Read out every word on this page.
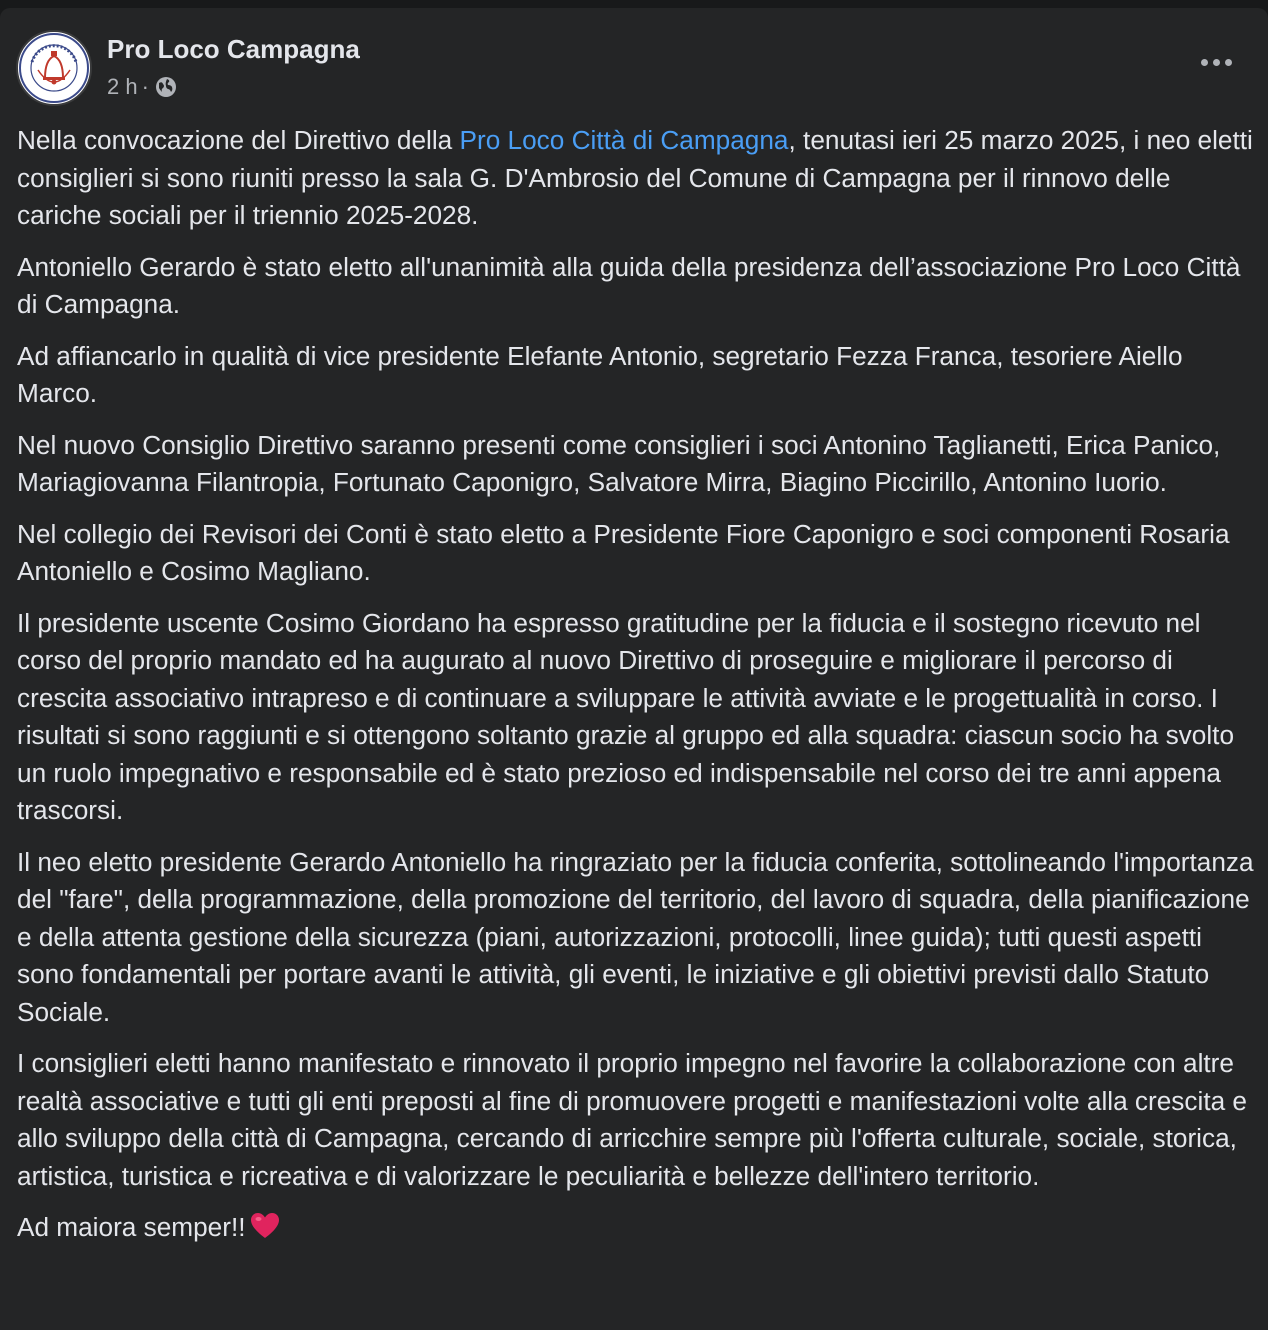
Pro Loco Campagna
2 h ·

Nella convocazione del Direttivo della Pro Loco Città di Campagna, tenutasi ieri 25 marzo 2025, i neo eletti consiglieri si sono riuniti presso la sala G. D'Ambrosio del Comune di Campagna per il rinnovo delle cariche sociali per il triennio 2025-2028.

Antoniello Gerardo è stato eletto all'unanimità alla guida della presidenza dell’associazione Pro Loco Città di Campagna.

Ad affiancarlo in qualità di vice presidente Elefante Antonio, segretario Fezza Franca, tesoriere Aiello Marco.

Nel nuovo Consiglio Direttivo saranno presenti come consiglieri i soci Antonino Taglianetti, Erica Panico, Mariagiovanna Filantropia, Fortunato Caponigro, Salvatore Mirra, Biagino Piccirillo, Antonino Iuorio.

Nel collegio dei Revisori dei Conti è stato eletto a Presidente Fiore Caponigro e soci componenti Rosaria Antoniello e Cosimo Magliano.

Il presidente uscente Cosimo Giordano ha espresso gratitudine per la fiducia e il sostegno ricevuto nel corso del proprio mandato ed ha augurato al nuovo Direttivo di proseguire e migliorare il percorso di crescita associativo intrapreso e di continuare a sviluppare le attività avviate e le progettualità in corso. I risultati si sono raggiunti e si ottengono soltanto grazie al gruppo ed alla squadra: ciascun socio ha svolto un ruolo impegnativo e responsabile ed è stato prezioso ed indispensabile nel corso dei tre anni appena trascorsi.

Il neo eletto presidente Gerardo Antoniello ha ringraziato per la fiducia conferita, sottolineando l'importanza del "fare", della programmazione, della promozione del territorio, del lavoro di squadra, della pianificazione e della attenta gestione della sicurezza (piani, autorizzazioni, protocolli, linee guida); tutti questi aspetti sono fondamentali per portare avanti le attività, gli eventi, le iniziative e gli obiettivi previsti dallo Statuto Sociale.

I consiglieri eletti hanno manifestato e rinnovato il proprio impegno nel favorire la collaborazione con altre realtà associative e tutti gli enti preposti al fine di promuovere progetti e manifestazioni volte alla crescita e allo sviluppo della città di Campagna, cercando di arricchire sempre più l'offerta culturale, sociale, storica, artistica, turistica e ricreativa e di valorizzare le peculiarità e bellezze dell'intero territorio.

Ad maiora semper!!
